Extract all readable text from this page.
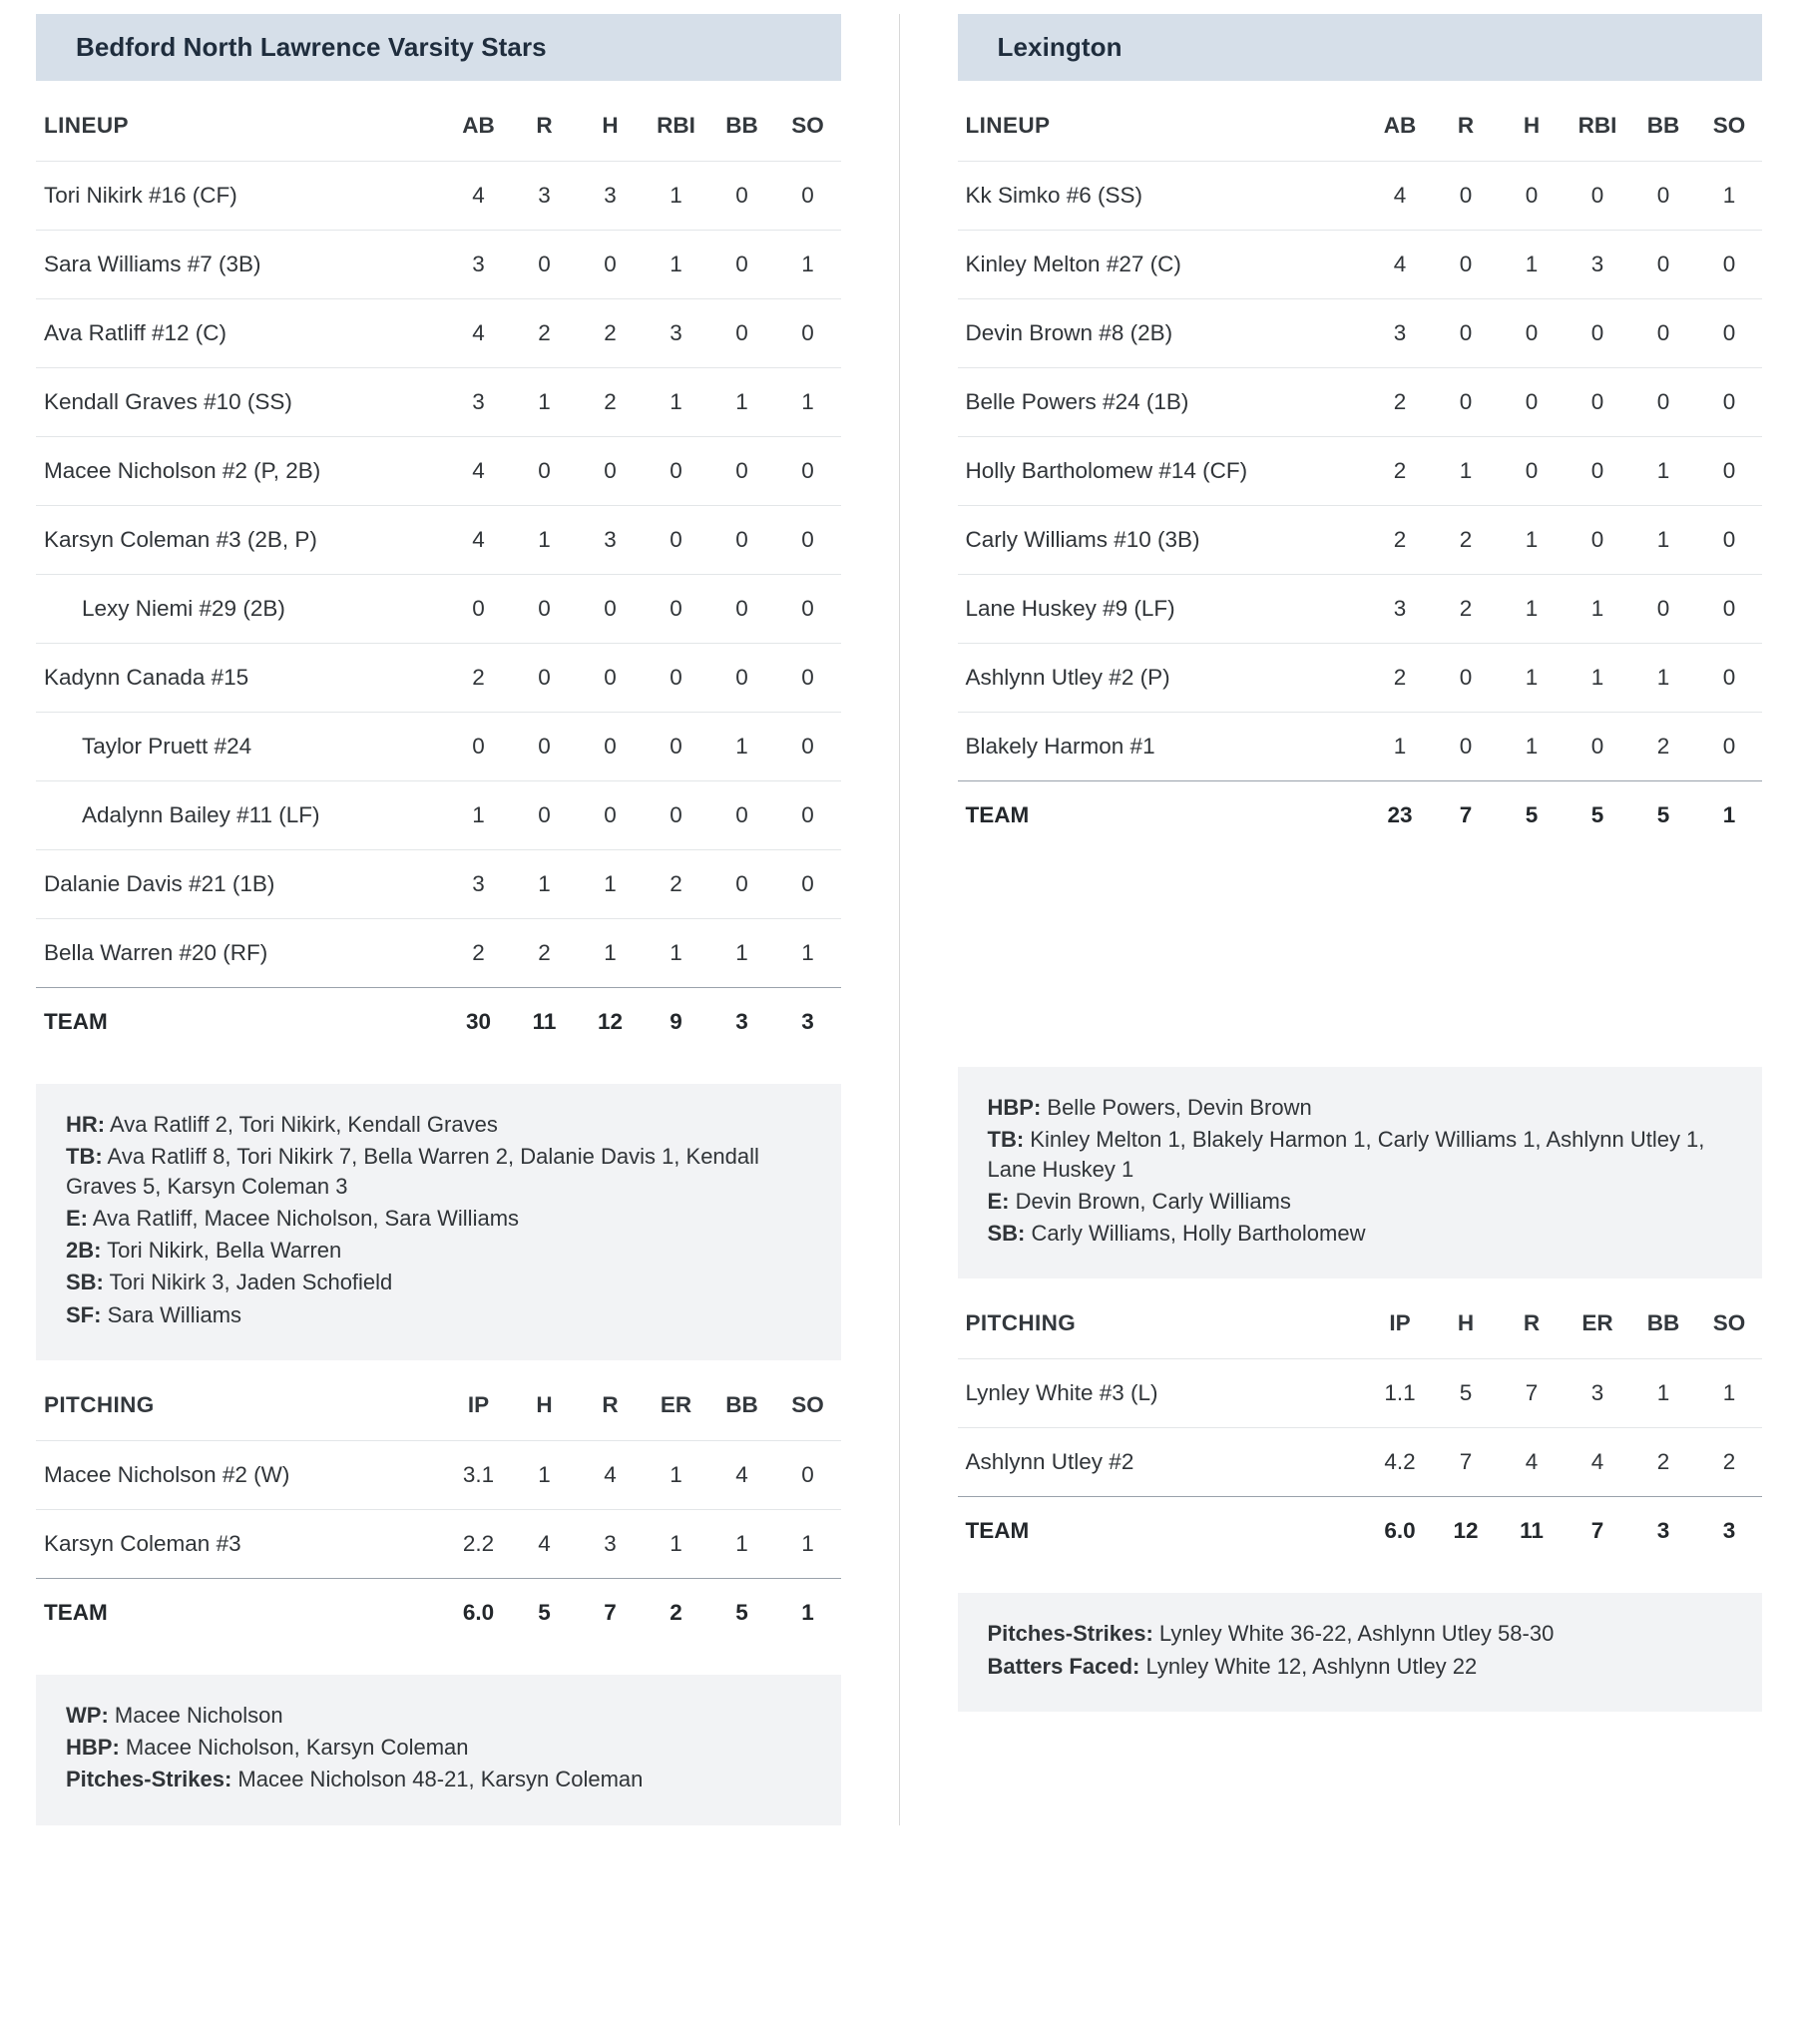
Bedford North Lawrence Varsity Stars
LINEUP	AB	R	H	RBI	BB	SO
Tori Nikirk #16 (CF)	4	3	3	1	0	0
Sara Williams #7 (3B)	3	0	0	1	0	1
Ava Ratliff #12 (C)	4	2	2	3	0	0
Kendall Graves #10 (SS)	3	1	2	1	1	1
Macee Nicholson #2 (P, 2B)	4	0	0	0	0	0
Karsyn Coleman #3 (2B, P)	4	1	3	0	0	0
Lexy Niemi #29 (2B)	0	0	0	0	0	0
Kadynn Canada #15	2	0	0	0	0	0
Taylor Pruett #24	0	0	0	0	1	0
Adalynn Bailey #11 (LF)	1	0	0	0	0	0
Dalanie Davis #21 (1B)	3	1	1	2	0	0
Bella Warren #20 (RF)	2	2	1	1	1	1
TEAM	30	11	12	9	3	3

HR: Ava Ratliff 2, Tori Nikirk, Kendall Graves

TB: Ava Ratliff 8, Tori Nikirk 7, Bella Warren 2, Dalanie Davis 1, Kendall Graves 5, Karsyn Coleman 3

E: Ava Ratliff, Macee Nicholson, Sara Williams

2B: Tori Nikirk, Bella Warren

SB: Tori Nikirk 3, Jaden Schofield

SF: Sara Williams

PITCHING	IP	H	R	ER	BB	SO
Macee Nicholson #2 (W)	3.1	1	4	1	4	0
Karsyn Coleman #3	2.2	4	3	1	1	1
TEAM	6.0	5	7	2	5	1

WP: Macee Nicholson

HBP: Macee Nicholson, Karsyn Coleman

Pitches-Strikes: Macee Nicholson 48-21, Karsyn Coleman

Lexington
LINEUP	AB	R	H	RBI	BB	SO
Kk Simko #6 (SS)	4	0	0	0	0	1
Kinley Melton #27 (C)	4	0	1	3	0	0
Devin Brown #8 (2B)	3	0	0	0	0	0
Belle Powers #24 (1B)	2	0	0	0	0	0
Holly Bartholomew #14 (CF)	2	1	0	0	1	0
Carly Williams #10 (3B)	2	2	1	0	1	0
Lane Huskey #9 (LF)	3	2	1	1	0	0
Ashlynn Utley #2 (P)	2	0	1	1	1	0
Blakely Harmon #1	1	0	1	0	2	0
TEAM	23	7	5	5	5	1

HBP: Belle Powers, Devin Brown

TB: Kinley Melton 1, Blakely Harmon 1, Carly Williams 1, Ashlynn Utley 1, Lane Huskey 1

E: Devin Brown, Carly Williams

SB: Carly Williams, Holly Bartholomew

PITCHING	IP	H	R	ER	BB	SO
Lynley White #3 (L)	1.1	5	7	3	1	1
Ashlynn Utley #2	4.2	7	4	4	2	2
TEAM	6.0	12	11	7	3	3

Pitches-Strikes: Lynley White 36-22, Ashlynn Utley 58-30

Batters Faced: Lynley White 12, Ashlynn Utley 22
